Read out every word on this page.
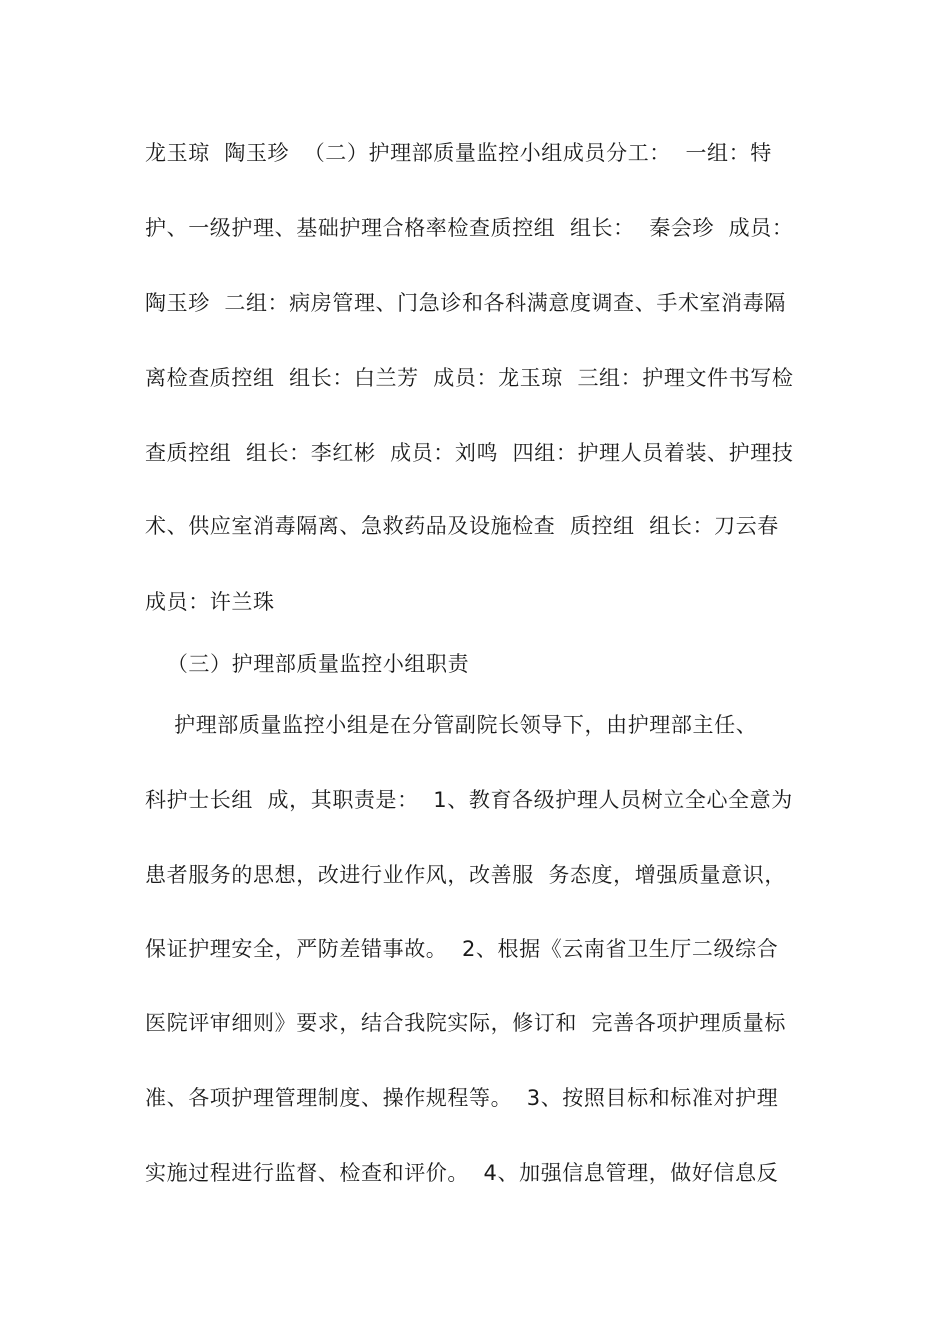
龙玉琼  陶玉珍  （二）护理部质量监控小组成员分工：  一组：特
护、一级护理、基础护理合格率检查质控组  组长：  秦会珍  成员：
陶玉珍  二组：病房管理、门急诊和各科满意度调查、手术室消毒隔
离检查质控组  组长：白兰芳  成员：龙玉琼  三组：护理文件书写检
查质控组  组长：李红彬  成员：刘鸣  四组：护理人员着装、护理技
术、供应室消毒隔离、急救药品及设施检查  质控组  组长：刀云春
成员：许兰珠
（三）护理部质量监控小组职责
护理部质量监控小组是在分管副院长领导下，由护理部主任、
科护士长组  成，其职责是：  1、教育各级护理人员树立全心全意为
患者服务的思想，改进行业作风，改善服  务态度，增强质量意识，
保证护理安全，严防差错事故。  2、根据《云南省卫生厅二级综合
医院评审细则》要求，结合我院实际，修订和  完善各项护理质量标
准、各项护理管理制度、操作规程等。  3、按照目标和标准对护理
实施过程进行监督、检查和评价。  4、加强信息管理，做好信息反
